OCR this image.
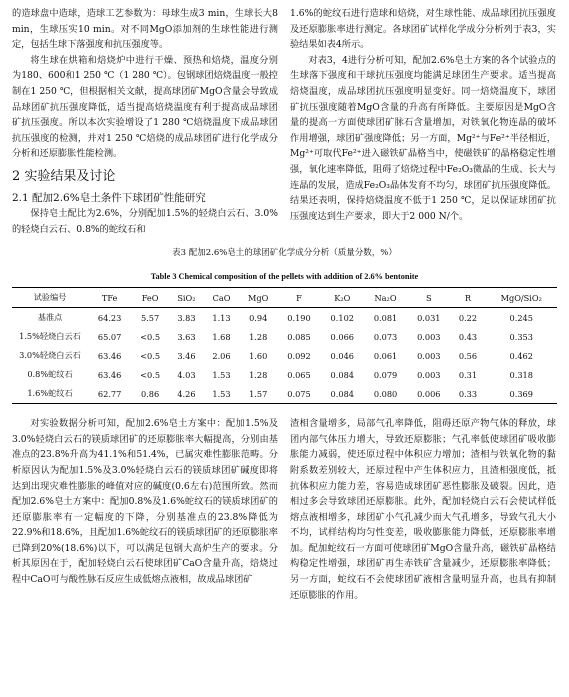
的造球盘中造球，造球工艺参数为：母球生成3 min，生球长大8 min，生球压实10 min。对不同MgO添加剂的生球性能进行测定，包括生球下落强度和抗压强度等。

将生球在烘箱和焙烧炉中进行干燥、预热和焙烧，温度分别为180、600和1 250 ℃（1 280 ℃）。包钢球团焙烧温度一般控制在1 250 ℃，但根据相关文献，提高球团矿MgO含量会导致成品球团矿抗压强度降低，适当提高焙烧温度有利于提高成品球团矿抗压强度。所以本次实验增设了1 280 ℃焙烧温度下成品球团抗压强度的检测，并对1 250 ℃焙烧的成品球团矿进行化学成分分析和还原膨胀性能检测。

2 实验结果及讨论
2.1 配加2.6%皂土条件下球团矿性能研究

保持皂土配比为2.6%，分别配加1.5%的轻烧白云石、3.0%的轻烧白云石、0.8%的蛇纹石和

1.6%的蛇纹石进行造球和焙烧，对生球性能、成品球团抗压强度及还原膨胀率进行测定。各球团矿试样化学成分分析列于表3，实验结果如表4所示。

对表3，4进行分析可知，配加2.6%皂土方案的各个试验点的生球落下强度和干球抗压强度均能满足球团生产要求。适当提高焙烧温度，成品球团抗压强度明显变好。同一焙烧温度下，球团矿抗压强度随着MgO含量的升高有所降低。主要原因是MgO含量的提高一方面使球团矿脉石含量增加，对铁氧化物连晶的破坏作用增强，球团矿强度降低；另一方面，Mg²⁺与Fe²⁺半径相近，Mg²⁺可取代Fe²⁺进入磁铁矿晶格当中，使磁铁矿的晶格稳定性增强，氧化速率降低，阻碍了焙烧过程中Fe₂O₃微晶的生成、长大与连晶的发展，造成Fe₂O₃晶体发育不均匀，球团矿抗压强度降低。结果还表明，保持焙烧温度不低于1 250 ℃，足以保证球团矿抗压强度达到生产要求，即大于2 000 N/个。

表3 配加2.6%皂土的球团矿化学成分分析（质量分数，%）
Table 3 Chemical composition of the pellets with addition of 2.6% bentonite
试验编号	TFe	FeO	SiO₂	CaO	MgO	F	K₂O	Na₂O	S	R	MgO/SiO₂
基准点	64.23	5.57	3.83	1.13	0.94	0.190	0.102	0.081	0.031	0.22	0.245
1.5%轻烧白云石	65.07	<0.5	3.63	1.68	1.28	0.085	0.066	0.073	0.003	0.43	0.353
3.0%轻烧白云石	63.46	<0.5	3.46	2.06	1.60	0.092	0.046	0.061	0.003	0.56	0.462
0.8%蛇纹石	63.46	<0.5	4.03	1.53	1.28	0.065	0.084	0.079	0.003	0.31	0.318
1.6%蛇纹石	62.77	0.86	4.26	1.53	1.57	0.075	0.084	0.080	0.006	0.33	0.369

对实验数据分析可知，配加2.6%皂土方案中：配加1.5%及3.0%轻烧白云石的镁质球团矿的还原膨胀率大幅提高，分别由基准点的23.8%升高为41.1%和51.4%，已属灾难性膨胀范畴。分析原因认为配加1.5%及3.0%轻烧白云石的镁质球团矿碱度即将达到出现灾难性膨胀的峰值对应的碱度(0.6左右)范围所致。然而配加2.6%皂土方案中：配加0.8%及1.6%蛇纹石的镁质球团矿的还原膨胀率有一定幅度的下降，分别基准点的23.8%降低为22.9%和18.6%，且配加1.6%蛇纹石的镁质球团矿的还原膨胀率已降到20%(18.6%)以下，可以满足包钢大高炉生产的要求。分析其原因在于，配加轻烧白云石使球团矿CaO含量升高，焙烧过程中CaO可与酸性脉石反应生成低熔点液相，故成品球团矿

渣相含量增多，局部气孔率降低，阻碍还原产物气体的释放，球团内部气体压力增大，导致还原膨胀；气孔率低使球团矿吸收膨胀能力减弱，使还原过程中体积应力增加；渣相与铁氧化物的黏附系数差别较大，还原过程中产生体积应力，且渣相强度低，抵抗体积应力能力差，容易造成球团矿恶性膨胀及破裂。因此，造相过多会导致球团还原膨胀。此外，配加轻烧白云石会使试样低熔点液相增多，球团矿小气孔减少而大气孔增多，导致气孔大小不均，试样结构均匀性变差，吸收膨胀能力降低，还原膨胀率增加。配加蛇纹石一方面可使球团矿MgO含量升高，磁铁矿晶格结构稳定性增强，球团矿再生赤铁矿含量减少，还原膨胀率降低；另一方面，蛇纹石不会使球团矿液相含量明显升高，也具有抑制还原膨胀的作用。
